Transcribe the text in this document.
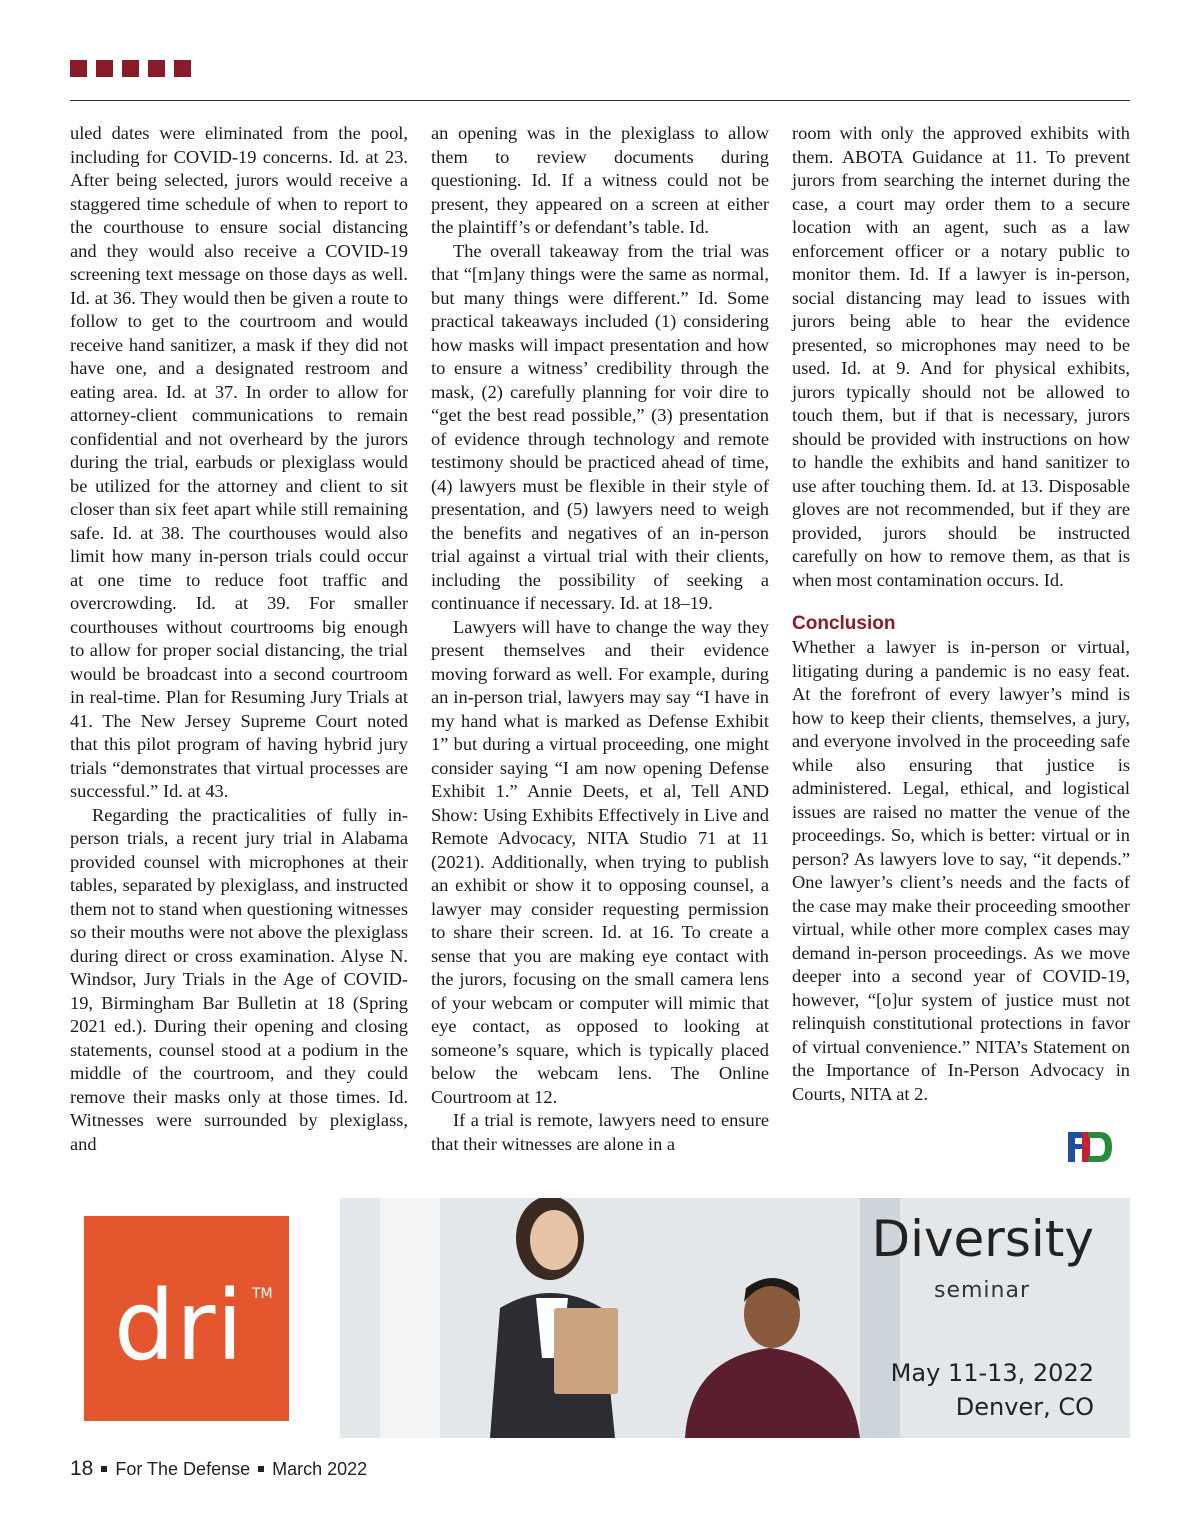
uled dates were eliminated from the pool, including for COVID-19 concerns. Id. at 23. After being selected, jurors would receive a staggered time schedule of when to report to the courthouse to ensure social distancing and they would also receive a COVID-19 screening text message on those days as well. Id. at 36. They would then be given a route to follow to get to the courtroom and would receive hand sanitizer, a mask if they did not have one, and a designated restroom and eating area. Id. at 37. In order to allow for attorney-client communications to remain confidential and not overheard by the jurors during the trial, earbuds or plexiglass would be utilized for the attorney and client to sit closer than six feet apart while still remaining safe. Id. at 38. The courthouses would also limit how many in-person trials could occur at one time to reduce foot traffic and overcrowding. Id. at 39. For smaller courthouses without courtrooms big enough to allow for proper social distancing, the trial would be broadcast into a second courtroom in real-time. Plan for Resuming Jury Trials at 41. The New Jersey Supreme Court noted that this pilot program of having hybrid jury trials “demonstrates that virtual processes are successful.” Id. at 43.

Regarding the practicalities of fully in-person trials, a recent jury trial in Alabama provided counsel with microphones at their tables, separated by plexiglass, and instructed them not to stand when questioning witnesses so their mouths were not above the plexiglass during direct or cross examination. Alyse N. Windsor, Jury Trials in the Age of COVID-19, Birmingham Bar Bulletin at 18 (Spring 2021 ed.). During their opening and closing statements, counsel stood at a podium in the middle of the courtroom, and they could remove their masks only at those times. Id. Witnesses were surrounded by plexiglass, and

an opening was in the plexiglass to allow them to review documents during questioning. Id. If a witness could not be present, they appeared on a screen at either the plaintiff’s or defendant’s table. Id.

The overall takeaway from the trial was that “[m]any things were the same as normal, but many things were different.” Id. Some practical takeaways included (1) considering how masks will impact presentation and how to ensure a witness’ credibility through the mask, (2) carefully planning for voir dire to “get the best read possible,” (3) presentation of evidence through technology and remote testimony should be practiced ahead of time, (4) lawyers must be flexible in their style of presentation, and (5) lawyers need to weigh the benefits and negatives of an in-person trial against a virtual trial with their clients, including the possibility of seeking a continuance if necessary. Id. at 18–19.

Lawyers will have to change the way they present themselves and their evidence moving forward as well. For example, during an in-person trial, lawyers may say “I have in my hand what is marked as Defense Exhibit 1” but during a virtual proceeding, one might consider saying “I am now opening Defense Exhibit 1.” Annie Deets, et al, Tell AND Show: Using Exhibits Effectively in Live and Remote Advocacy, NITA Studio 71 at 11 (2021). Additionally, when trying to publish an exhibit or show it to opposing counsel, a lawyer may consider requesting permission to share their screen. Id. at 16. To create a sense that you are making eye contact with the jurors, focusing on the small camera lens of your webcam or computer will mimic that eye contact, as opposed to looking at someone’s square, which is typically placed below the webcam lens. The Online Courtroom at 12.

If a trial is remote, lawyers need to ensure that their witnesses are alone in a

room with only the approved exhibits with them. ABOTA Guidance at 11. To prevent jurors from searching the internet during the case, a court may order them to a secure location with an agent, such as a law enforcement officer or a notary public to monitor them. Id. If a lawyer is in-person, social distancing may lead to issues with jurors being able to hear the evidence presented, so microphones may need to be used. Id. at 9. And for physical exhibits, jurors typically should not be allowed to touch them, but if that is necessary, jurors should be provided with instructions on how to handle the exhibits and hand sanitizer to use after touching them. Id. at 13. Disposable gloves are not recommended, but if they are provided, jurors should be instructed carefully on how to remove them, as that is when most contamination occurs. Id.

Conclusion

Whether a lawyer is in-person or virtual, litigating during a pandemic is no easy feat. At the forefront of every lawyer’s mind is how to keep their clients, themselves, a jury, and everyone involved in the proceeding safe while also ensuring that justice is administered. Legal, ethical, and logistical issues are raised no matter the venue of the proceedings. So, which is better: virtual or in person? As lawyers love to say, “it depends.” One lawyer’s client’s needs and the facts of the case may make their proceeding smoother virtual, while other more complex cases may demand in-person proceedings. As we move deeper into a second year of COVID-19, however, “[o]ur system of justice must not relinquish constitutional protections in favor of virtual convenience.” NITA’s Statement on the Importance of In-Person Advocacy in Courts, NITA at 2.

Diversity
seminar
May 11-13, 2022
Denver, CO
dri TM
18 For The Defense March 2022
